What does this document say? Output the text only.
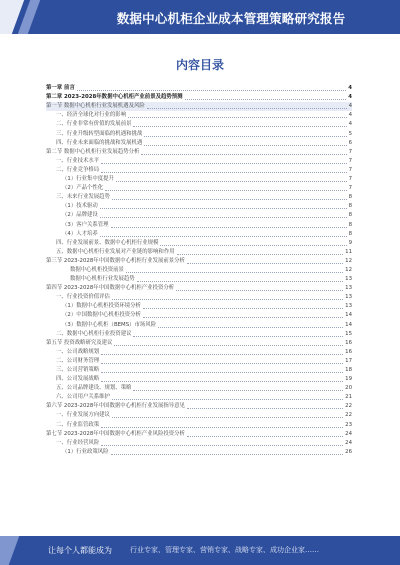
数据中心机柜企业成本管理策略研究报告
内容目录
第一章 前言	4
第二章 2023-2028年数据中心机柜产业前景及趋势预测	4
第一节 数据中心机柜行业发展机遇及风险	4
一、经济全球化对行业的影响	4
二、行业非常有价值的发展前景	4
三、行业升级转型面临的机遇和挑战	5
四、行业未来面临的挑战和发展机遇	6
第二节 数据中心机柜行业发展趋势分析	7
一、行业技术水平	7
二、行业竞争格局	7
（1）行业集中度提升	7
（2）产品个性化	7
三、未来行业发展趋势	8
（1）技术驱动	8
（2）品牌建设	8
（3）客户关系管理	8
（4）人才培养	8
四、行业发展前景、数据中心机柜行业规模	9
五、数据中心机柜行业发展对产业链的影响和作用	11
第三节 2023-2028年中国数据中心机柜行业发展前景分析	12
数据中心机柜投资前景	12
数据中心机柜行业发展趋势	13
第四节 2023-2028年中国数据中心机柜产业投资分析	13
一、行业投资价值评估	13
（1）数据中心机柜投资环境分析	13
（2）中国数据中心机柜投资分析	14
（3）数据中心机柜（BEMS）市场风险	14
二、数据中心机柜行业投资建议	15
第五节 投资战略研究及建议	16
一、公司战略规划	16
二、公司财务管理	17
三、公司营销策略	18
四、公司发展战略	19
五、公司品牌建设、规划、策略	20
六、公司用户关系维护	21
第六节 2023-2028年中国数据中心机柜行业发展指导意见	22
一、行业发展方向建议	22
二、行业监管政策	23
第七节 2023-2028年中国数据中心机柜产业风险投资分析	24
一、行业经营风险	24
（1）行业政策风险	26
让每个人都能成为	行业专家、管理专家、营销专家、战略专家、成功企业家……
